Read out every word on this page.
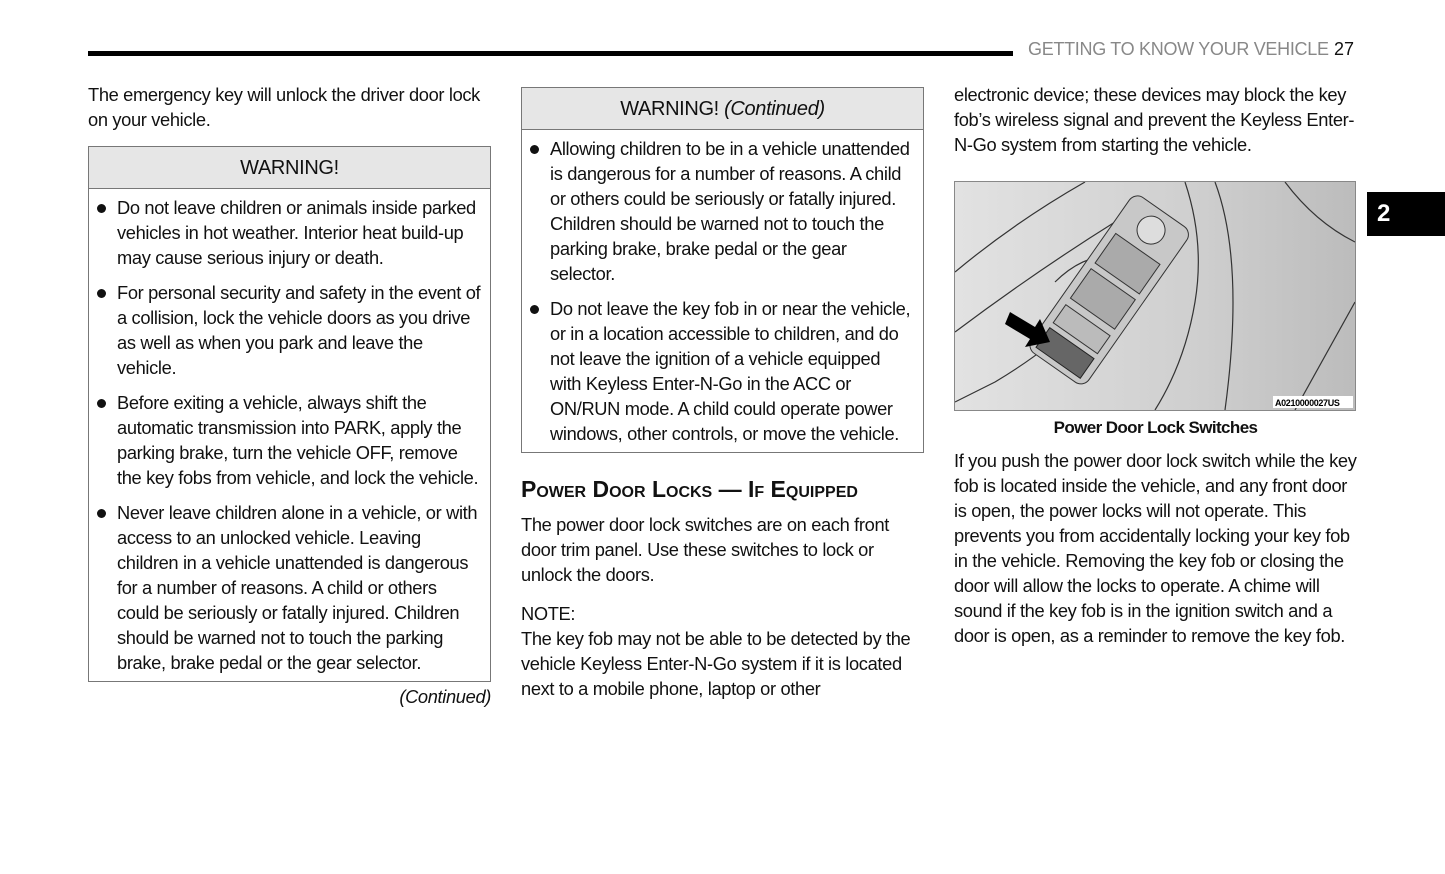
GETTING TO KNOW YOUR VEHICLE 27
2

The emergency key will unlock the driver door lock on your vehicle.

WARNING!
Do not leave children or animals inside parked vehicles in hot weather. Interior heat build-up may cause serious injury or death.
For personal security and safety in the event of a collision, lock the vehicle doors as you drive as well as when you park and leave the vehicle.
Before exiting a vehicle, always shift the automatic transmission into PARK, apply the parking brake, turn the vehicle OFF, remove the key fobs from vehicle, and lock the vehicle.
Never leave children alone in a vehicle, or with access to an unlocked vehicle. Leaving children in a vehicle unattended is dangerous for a number of reasons. A child or others could be seriously or fatally injured. Children should be warned not to touch the parking brake, brake pedal or the gear selector.
(Continued)
WARNING! (Continued)
Allowing children to be in a vehicle unattended is dangerous for a number of reasons. A child or others could be seriously or fatally injured. Children should be warned not to touch the parking brake, brake pedal or the gear selector.
Do not leave the key fob in or near the vehicle, or in a location accessible to children, and do not leave the ignition of a vehicle equipped with Keyless Enter-N-Go in the ACC or ON/RUN mode. A child could operate power windows, other controls, or move the vehicle.
Power Door Locks — If Equipped

The power door lock switches are on each front door trim panel. Use these switches to lock or unlock the doors.

NOTE:

The key fob may not be able to be detected by the vehicle Keyless Enter-N-Go system if it is located next to a mobile phone, laptop or other

electronic device; these devices may block the key fob’s wireless signal and prevent the Keyless Enter-N-Go system from starting the vehicle.

A0210000027US
Power Door Lock Switches

If you push the power door lock switch while the key fob is located inside the vehicle, and any front door is open, the power locks will not operate. This prevents you from accidentally locking your key fob in the vehicle. Removing the key fob or closing the door will allow the locks to operate. A chime will sound if the key fob is in the ignition switch and a door is open, as a reminder to remove the key fob.
